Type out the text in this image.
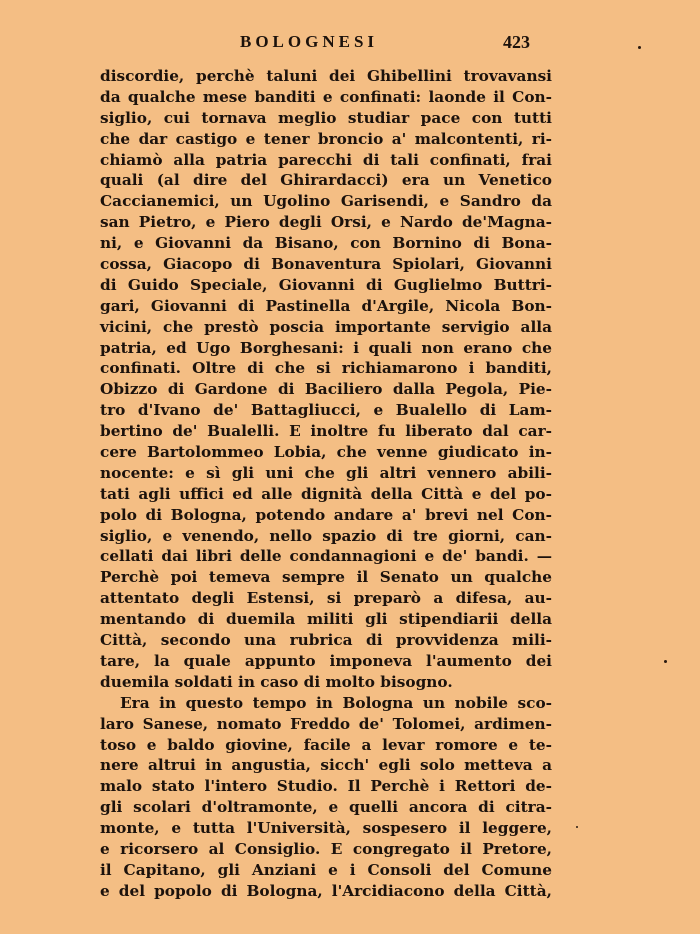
BOLOGNESI	423
discordie, perchè taluni dei Ghibellini trovavansi
da qualche mese banditi e confinati: laonde il Con-
siglio, cui tornava meglio studiar pace con tutti
che dar castigo e tener broncio a' malcontenti, ri-
chiamò alla patria parecchi di tali confinati, frai
quali (al dire del Ghirardacci) era un Venetico
Caccianemici, un Ugolino Garisendi, e Sandro da
san Pietro, e Piero degli Orsi, e Nardo de'Magna-
ni, e Giovanni da Bisano, con Bornino di Bona-
cossa, Giacopo di Bonaventura Spiolari, Giovanni
di Guido Speciale, Giovanni di Guglielmo Buttri-
gari, Giovanni di Pastinella d'Argile, Nicola Bon-
vicini, che prestò poscia importante servigio alla
patria, ed Ugo Borghesani: i quali non erano che
confinati. Oltre di che si richiamarono i banditi,
Obizzo di Gardone di Baciliero dalla Pegola, Pie-
tro d'Ivano de' Battagliucci, e Bualello di Lam-
bertino de' Bualelli. E inoltre fu liberato dal car-
cere Bartolommeo Lobia, che venne giudicato in-
nocente: e sì gli uni che gli altri vennero abili-
tati agli uffici ed alle dignità della Città e del po-
polo di Bologna, potendo andare a' brevi nel Con-
siglio, e venendo, nello spazio di tre giorni, can-
cellati dai libri delle condannagioni e de' bandi. —
Perchè poi temeva sempre il Senato un qualche
attentato degli Estensi, si preparò a difesa, au-
mentando di duemila militi gli stipendiarii della
Città, secondo una rubrica di provvidenza mili-
tare, la quale appunto imponeva l'aumento dei
duemila soldati in caso di molto bisogno.
Era in questo tempo in Bologna un nobile sco-
laro Sanese, nomato Freddo de' Tolomei, ardimen-
toso e baldo giovine, facile a levar romore e te-
nere altrui in angustia, sicch' egli solo metteva a
malo stato l'intero Studio. Il Perchè i Rettori de-
gli scolari d'oltramonte, e quelli ancora di citra-
monte, e tutta l'Università, sospesero il leggere,
e ricorsero al Consiglio. E congregato il Pretore,
il Capitano, gli Anziani e i Consoli del Comune
e del popolo di Bologna, l'Arcidiacono della Città,
